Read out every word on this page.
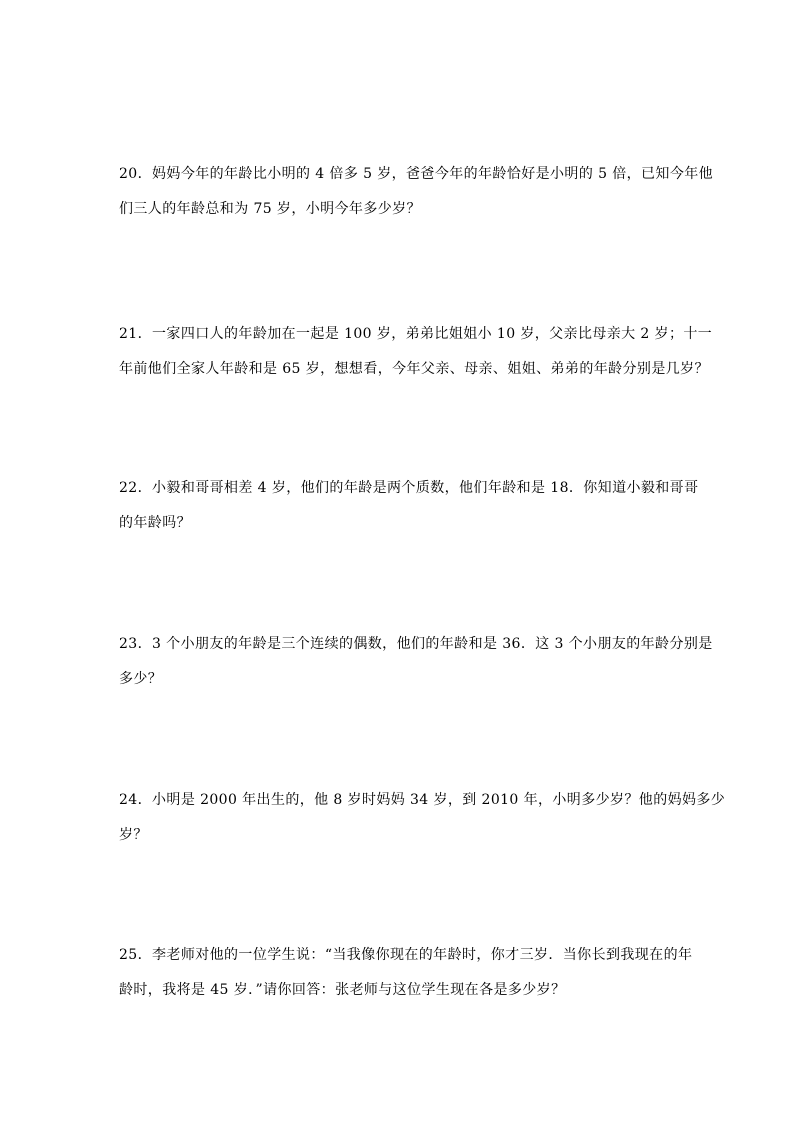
20．妈妈今年的年龄比小明的 4 倍多 5 岁，爸爸今年的年龄恰好是小明的 5 倍，已知今年他
们三人的年龄总和为 75 岁，小明今年多少岁？
21．一家四口人的年龄加在一起是 100 岁，弟弟比姐姐小 10 岁，父亲比母亲大 2 岁；十一
年前他们全家人年龄和是 65 岁，想想看，今年父亲、母亲、姐姐、弟弟的年龄分别是几岁？
22．小毅和哥哥相差 4 岁，他们的年龄是两个质数，他们年龄和是 18．你知道小毅和哥哥
的年龄吗？
23．3 个小朋友的年龄是三个连续的偶数，他们的年龄和是 36．这 3 个小朋友的年龄分别是
多少？
24．小明是 2000 年出生的，他 8 岁时妈妈 34 岁，到 2010 年，小明多少岁？他的妈妈多少
岁？
25．李老师对他的一位学生说：“当我像你现在的年龄时，你才三岁．当你长到我现在的年
龄时，我将是 45 岁．”请你回答：张老师与这位学生现在各是多少岁？
